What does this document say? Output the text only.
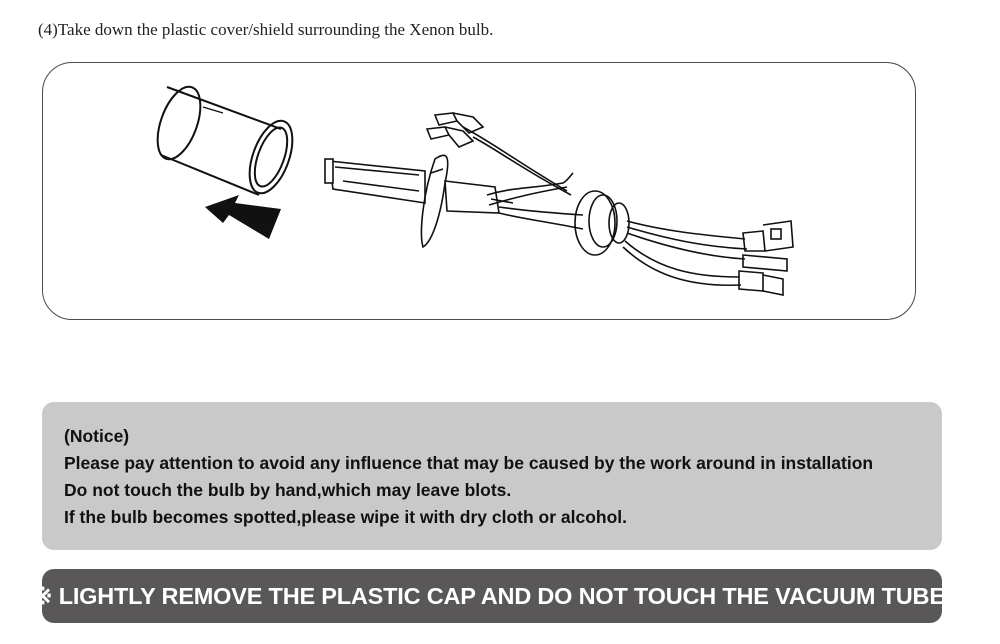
(4)Take down the plastic cover/shield surrounding the Xenon bulb.
(Notice)
Please pay attention to avoid any influence that may be caused by the work around in installation
Do not touch the bulb by hand,which may leave blots.
If the bulb becomes spotted,please wipe it with dry cloth or alcohol.
※ LIGHTLY REMOVE THE PLASTIC CAP AND DO NOT TOUCH THE VACUUM TUBE.
